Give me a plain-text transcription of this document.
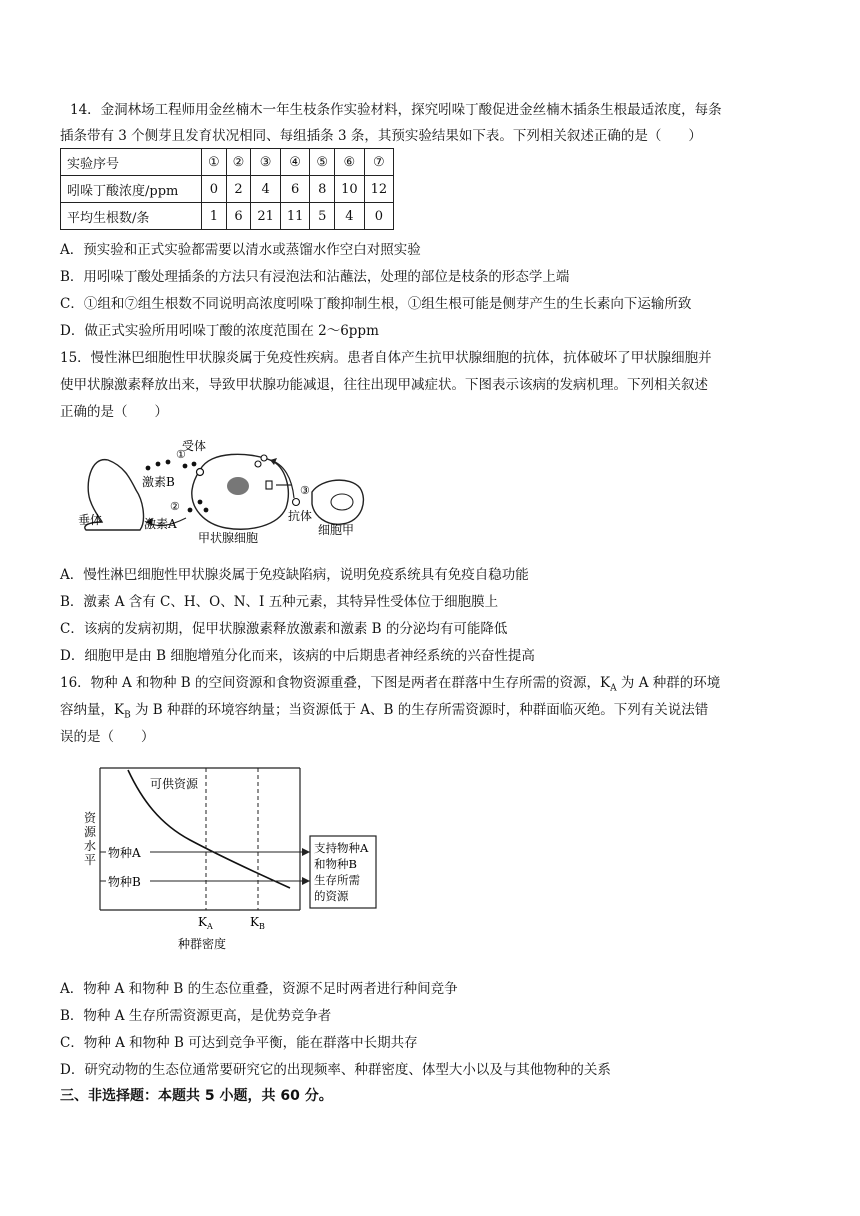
14．金洞林场工程师用金丝楠木一年生枝条作实验材料，探究吲哚丁酸促进金丝楠木插条生根最适浓度，每条
插条带有 3 个侧芽且发育状况相同、每组插条 3 条，其预实验结果如下表。下列相关叙述正确的是（　　）
实验序号	①	②	③	④	⑤	⑥	⑦
吲哚丁酸浓度/ppm	0	2	4	6	8	10	12
平均生根数/条	1	6	21	11	5	4	0
A．预实验和正式实验都需要以清水或蒸馏水作空白对照实验
B．用吲哚丁酸处理插条的方法只有浸泡法和沾蘸法，处理的部位是枝条的形态学上端
C．①组和⑦组生根数不同说明高浓度吲哚丁酸抑制生根，①组生根可能是侧芽产生的生长素向下运输所致
D．做正式实验所用吲哚丁酸的浓度范围在 2～6ppm
15．慢性淋巴细胞性甲状腺炎属于免疫性疾病。患者自体产生抗甲状腺细胞的抗体，抗体破坏了甲状腺细胞并
使甲状腺激素释放出来，导致甲状腺功能减退，往往出现甲减症状。下图表示该病的发病机理。下列相关叙述
正确的是（　　）
垂体
①
激素B
受体
②
激素A
③
抗体
细胞甲
甲状腺细胞
A．慢性淋巴细胞性甲状腺炎属于免疫缺陷病，说明免疫系统具有免疫自稳功能
B．激素 A 含有 C、H、O、N、I 五种元素，其特异性受体位于细胞膜上
C．该病的发病初期，促甲状腺激素释放激素和激素 B 的分泌均有可能降低
D．细胞甲是由 B 细胞增殖分化而来，该病的中后期患者神经系统的兴奋性提高
16．物种 A 和物种 B 的空间资源和食物资源重叠，下图是两者在群落中生存所需的资源，$K_A$ 为 A 种群的环境
容纳量，$K_B$ 为 B 种群的环境容纳量；当资源低于 A、B 的生存所需资源时，种群面临灭绝。下列有关说法错
误的是（　　）
可供资源
物种A
物种B
资
源
水
平
支持物种A
和物种B
生存所需
的资源
$K_A$	$K_B$
种群密度
A．物种 A 和物种 B 的生态位重叠，资源不足时两者进行种间竞争
B．物种 A 生存所需资源更高，是优势竞争者
C．物种 A 和物种 B 可达到竞争平衡，能在群落中长期共存
D．研究动物的生态位通常要研究它的出现频率、种群密度、体型大小以及与其他物种的关系
三、非选择题：本题共 5 小题，共 60 分。
